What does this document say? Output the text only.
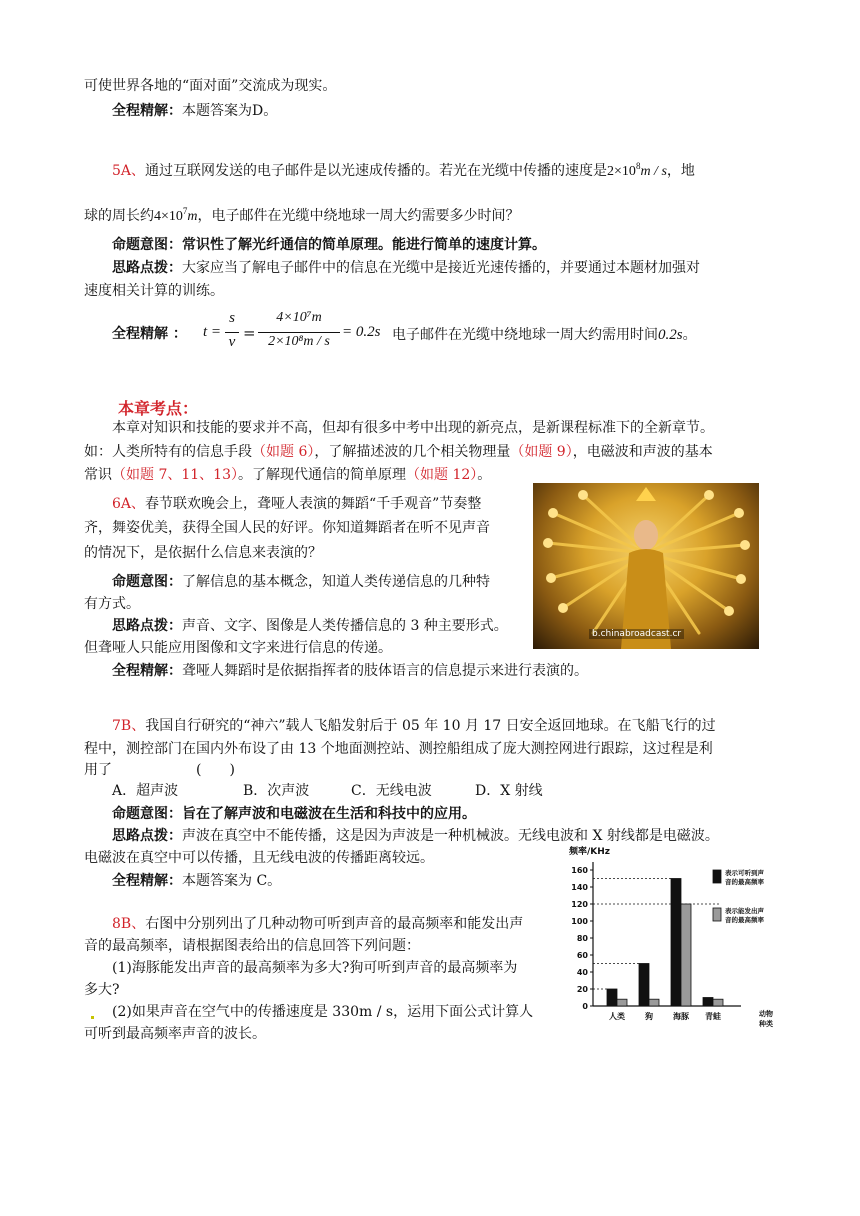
可使世界各地的“面对面”交流成为现实。
全程精解：本题答案为D。
5A、通过互联网发送的电子邮件是以光速成传播的。若光在光缆中传播的速度是$2\times 10^8m / s$，地
球的周长约$4\times 10^7m$，电子邮件在光缆中绕地球一周大约需要多少时间？
命题意图：常识性了解光纤通信的简单原理。能进行简单的速度计算。
思路点拨：大家应当了解电子邮件中的信息在光缆中是接近光速传播的，并要通过本题材加强对
速度相关计算的训练。
全程精解 ： t =
s
v =
4×10⁷m
2×10⁸m / s
= 0.2s 电子邮件在光缆中绕地球一周大约需用时间0.2s。
本章考点：
本章对知识和技能的要求并不高，但却有很多中考中出现的新亮点，是新课程标准下的全新章节。
如：人类所特有的信息手段（如题 6），了解描述波的几个相关物理量（如题 9），电磁波和声波的基本
常识（如题 7、11、13）。了解现代通信的简单原理（如题 12）。
6A、春节联欢晚会上，聋哑人表演的舞蹈“千手观音”节奏整
齐，舞姿优美，获得全国人民的好评。你知道舞蹈者在听不见声音
的情况下，是依据什么信息来表演的？
命题意图：了解信息的基本概念，知道人类传递信息的几种特
有方式。
思路点拨：声音、文字、图像是人类传播信息的 3 种主要形式。
但聋哑人只能应用图像和文字来进行信息的传递。
全程精解：聋哑人舞蹈时是依据指挥者的肢体语言的信息提示来进行表演的。
b.chinabroadcast.cr
7B、我国自行研究的“神六”载人飞船发射后于 05 年 10 月 17 日安全返回地球。在飞船飞行的过
程中，测控部门在国内外布设了由 13 个地面测控站、测控船组成了庞大测控网进行跟踪，这过程是利
用了　　　　　　(　　)
A．超声波	B．次声波	C．无线电波	D．X 射线
命题意图：旨在了解声波和电磁波在生活和科技中的应用。
思路点拨：声波在真空中不能传播，这是因为声波是一种机械波。无线电波和 X 射线都是电磁波。
电磁波在真空中可以传播，且无线电波的传播距离较远。
全程精解：本题答案为 C。
8B、右图中分别列出了几种动物可听到声音的最高频率和能发出声
音的最高频率，请根据图表给出的信息回答下列问题：
(1)海豚能发出声音的最高频率为多大?狗可听到声音的最高频率为
多大?
(2)如果声音在空气中的传播速度是 330m / s，运用下面公式计算人
可听到最高频率声音的波长。
频率/KHz
0
20
40
60
80
100
120
140
160
人类	狗	海豚 青蛙
表示可听到声
音的最高频率
表示能发出声
音的最高频率
动物
种类
